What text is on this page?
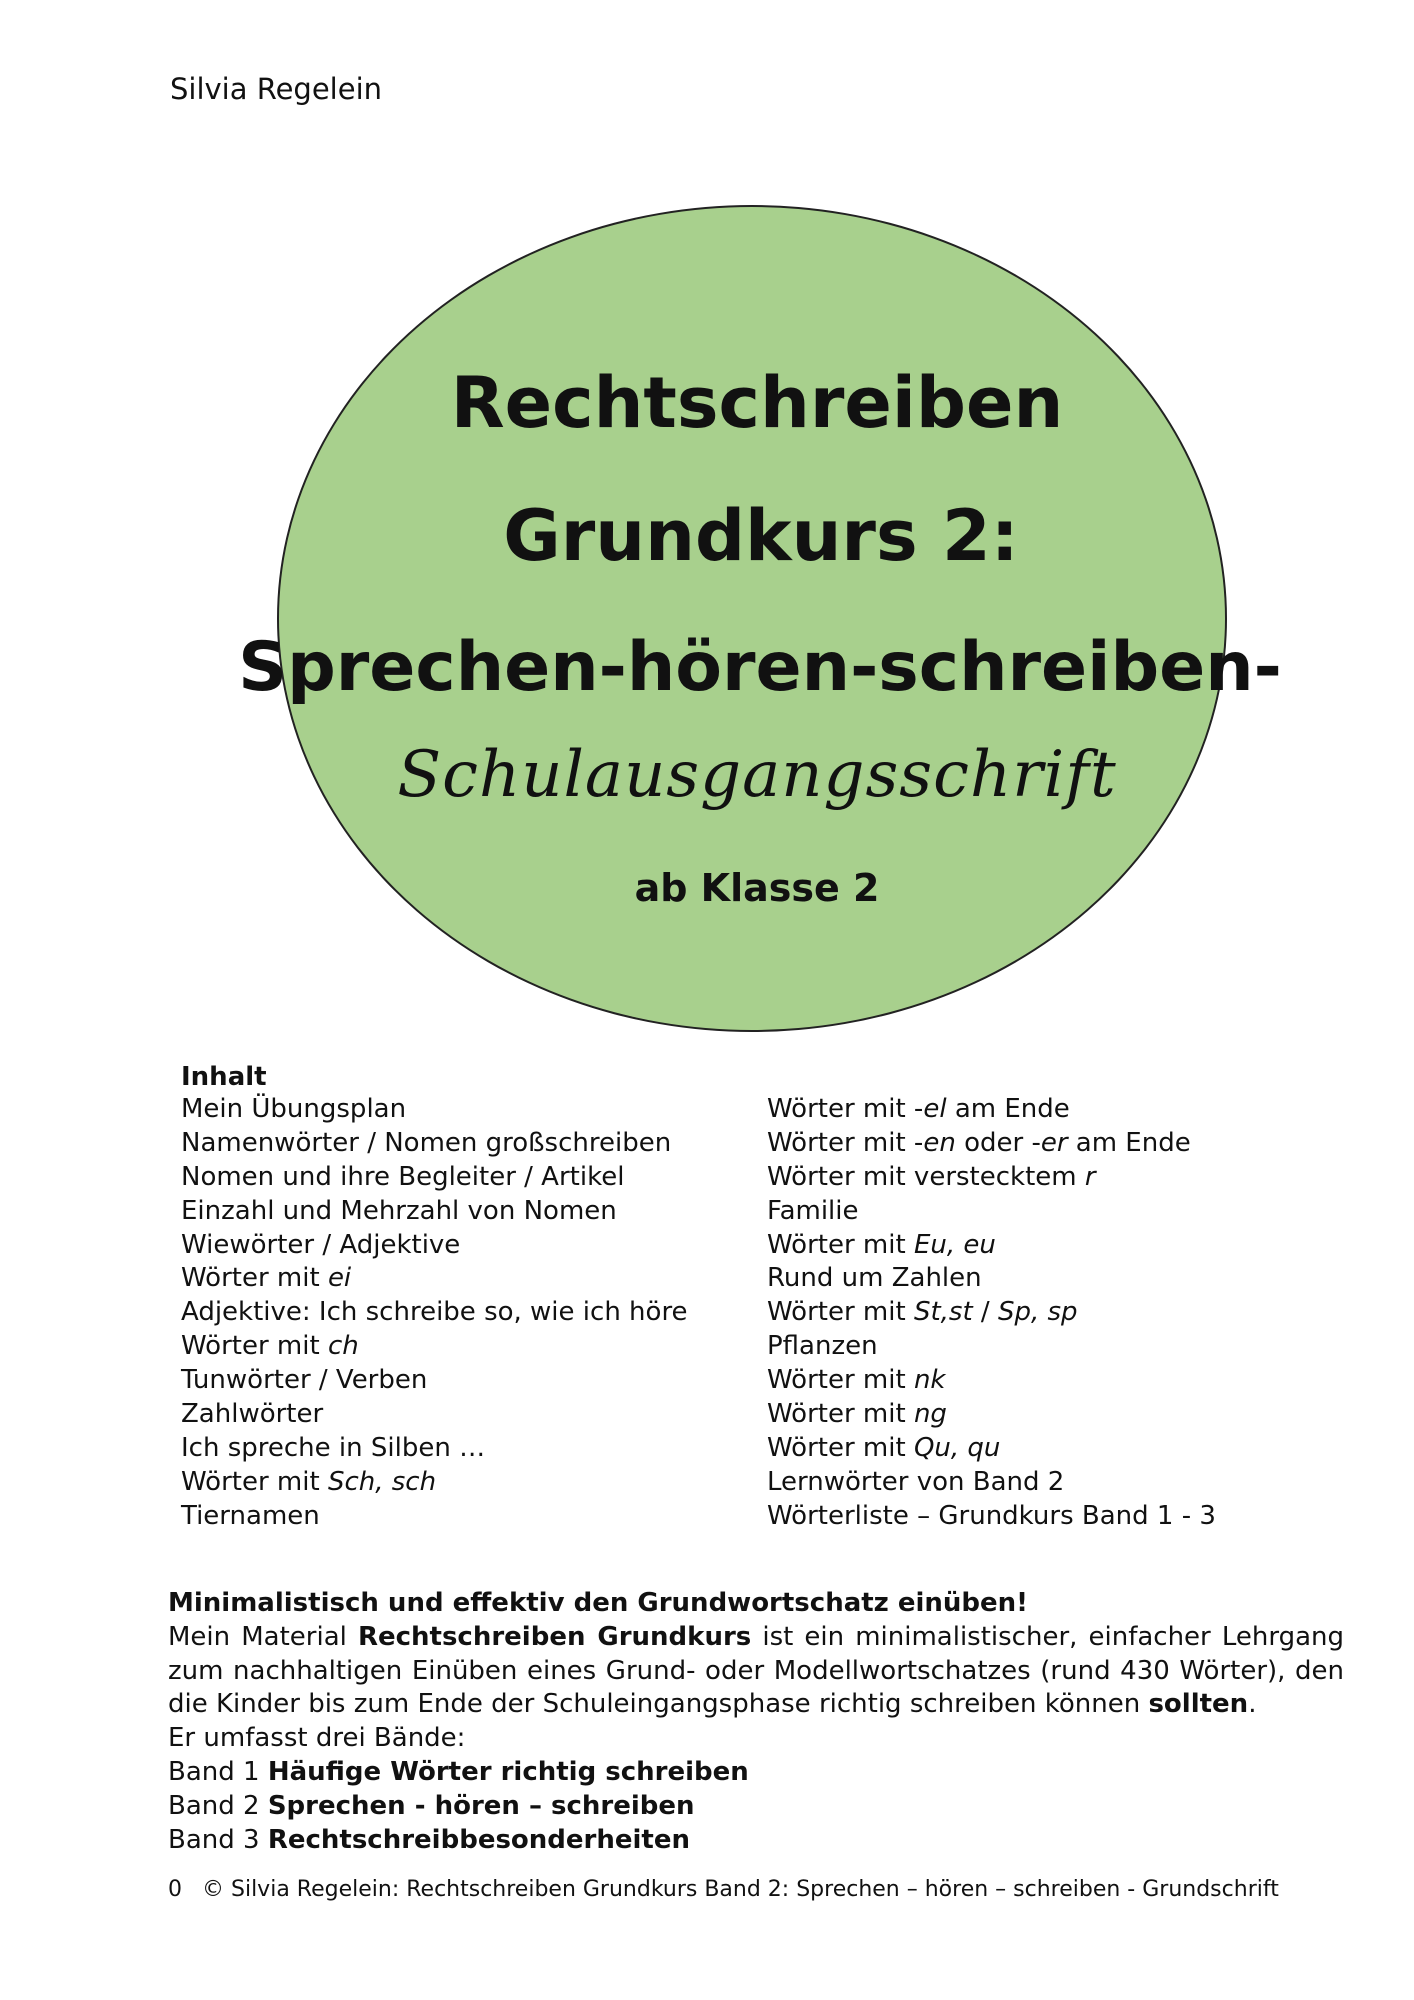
Silvia Regelein
Rechtschreiben
Grundkurs 2:
Sprechen-hören-schreiben-
Schulausgangsschrift
ab Klasse 2
Inhalt
Mein Übungsplan
Namenwörter / Nomen großschreiben
Nomen und ihre Begleiter / Artikel
Einzahl und Mehrzahl von Nomen
Wiewörter / Adjektive
Wörter mit ei
Adjektive: Ich schreibe so, wie ich höre
Wörter mit ch
Tunwörter / Verben
Zahlwörter
Ich spreche in Silben …
Wörter mit Sch, sch
Tiernamen
Wörter mit -el am Ende
Wörter mit -en oder -er am Ende
Wörter mit verstecktem r
Familie
Wörter mit Eu, eu
Rund um Zahlen
Wörter mit St,st / Sp, sp
Pflanzen
Wörter mit nk
Wörter mit ng
Wörter mit Qu, qu
Lernwörter von Band 2
Wörterliste – Grundkurs Band 1 - 3
Minimalistisch und effektiv den Grundwortschatz einüben!
Mein Material Rechtschreiben Grundkurs ist ein minimalistischer, einfacher Lehrgang zum nachhaltigen Einüben eines Grund- oder Modellwortschatzes (rund 430 Wörter), den die Kinder bis zum Ende der Schuleingangsphase richtig schreiben können sollten.
Er umfasst drei Bände:
Band 1 Häufige Wörter richtig schreiben
Band 2 Sprechen - hören – schreiben
Band 3 Rechtschreibbesonderheiten
0 © Silvia Regelein: Rechtschreiben Grundkurs Band 2: Sprechen – hören – schreiben - Grundschrift
